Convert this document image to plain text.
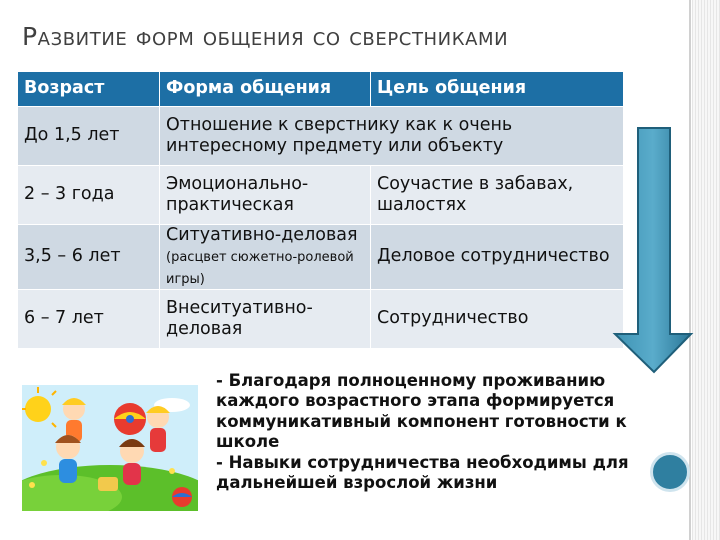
Развитие форм общения со сверстниками
Возраст	Форма общения	Цель общения
До 1,5 лет	Отношение к сверстнику как к очень интересному предмету или объекту	
2 – 3 года	Эмоционально-практическая	Соучастие в забавах, шалостях
3,5 – 6 лет	Ситуативно-деловая (расцвет сюжетно-ролевой игры)	Деловое сотрудничество
6 – 7 лет	Внеситуативно-деловая	Сотрудничество

- Благодаря полноценному проживанию каждого возрастного этапа формируется коммуникативный компонент готовности к школе

- Навыки сотрудничества необходимы для дальнейшей взрослой жизни
